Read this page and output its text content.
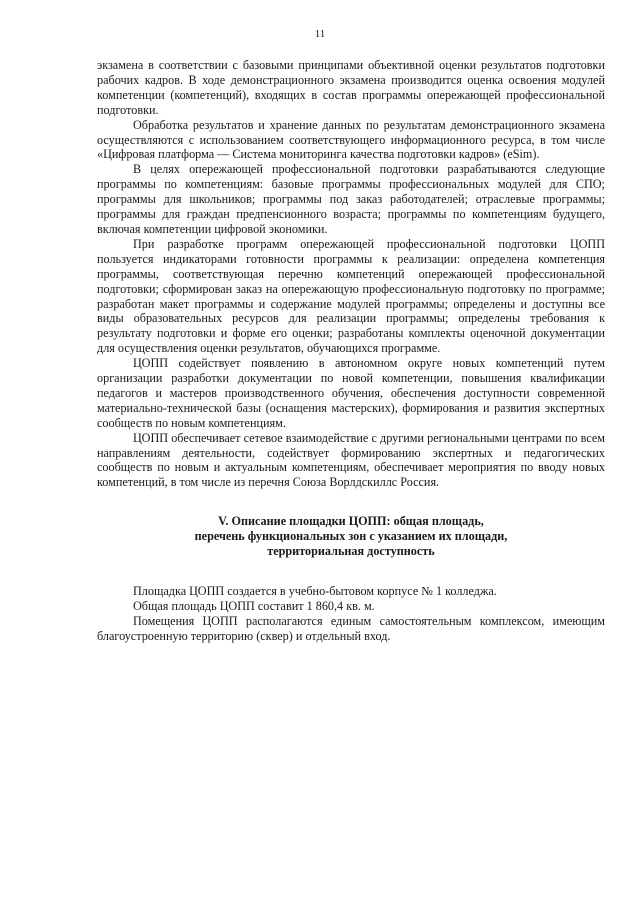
11

экзамена в соответствии с базовыми принципами объективной оценки результатов подготовки рабочих кадров. В ходе демонстрационного экзамена производится оценка освоения модулей компетенции (компетенций), входящих в состав программы опережающей профессиональной подготовки.

Обработка результатов и хранение данных по результатам демонстрационного экзамена осуществляются с использованием соответствующего информационного ресурса, в том числе «Цифровая платформа — Система мониторинга качества подготовки кадров» (eSim).

В целях опережающей профессиональной подготовки разрабатываются следующие программы по компетенциям: базовые программы профессиональных модулей для СПО; программы для школьников; программы под заказ работодателей; отраслевые программы; программы для граждан предпенсионного возраста; программы по компетенциям будущего, включая компетенции цифровой экономики.

При разработке программ опережающей профессиональной подготовки ЦОПП пользуется индикаторами готовности программы к реализации: определена компетенция программы, соответствующая перечню компетенций опережающей профессиональной подготовки; сформирован заказ на опережающую профессиональную подготовку по программе; разработан макет программы и содержание модулей программы; определены и доступны все виды образовательных ресурсов для реализации программы; определены требования к результату подготовки и форме его оценки; разработаны комплекты оценочной документации для осуществления оценки результатов, обучающихся программе.

ЦОПП содействует появлению в автономном округе новых компетенций путем организации разработки документации по новой компетенции, повышения квалификации педагогов и мастеров производственного обучения, обеспечения доступности современной материально-технической базы (оснащения мастерских), формирования и развития экспертных сообществ по новым компетенциям.

ЦОПП обеспечивает сетевое взаимодействие с другими региональными центрами по всем направлениям деятельности, содействует формированию экспертных и педагогических сообществ по новым и актуальным компетенциям, обеспечивает мероприятия по вводу новых компетенций, в том числе из перечня Союза Ворлдскиллс Россия.

V. Описание площадки ЦОПП: общая площадь,
перечень функциональных зон с указанием их площади,
территориальная доступность

Площадка ЦОПП создается в учебно-бытовом корпусе № 1 колледжа.

Общая площадь ЦОПП составит 1 860,4 кв. м.

Помещения ЦОПП располагаются единым самостоятельным комплексом, имеющим благоустроенную территорию (сквер) и отдельный вход.
